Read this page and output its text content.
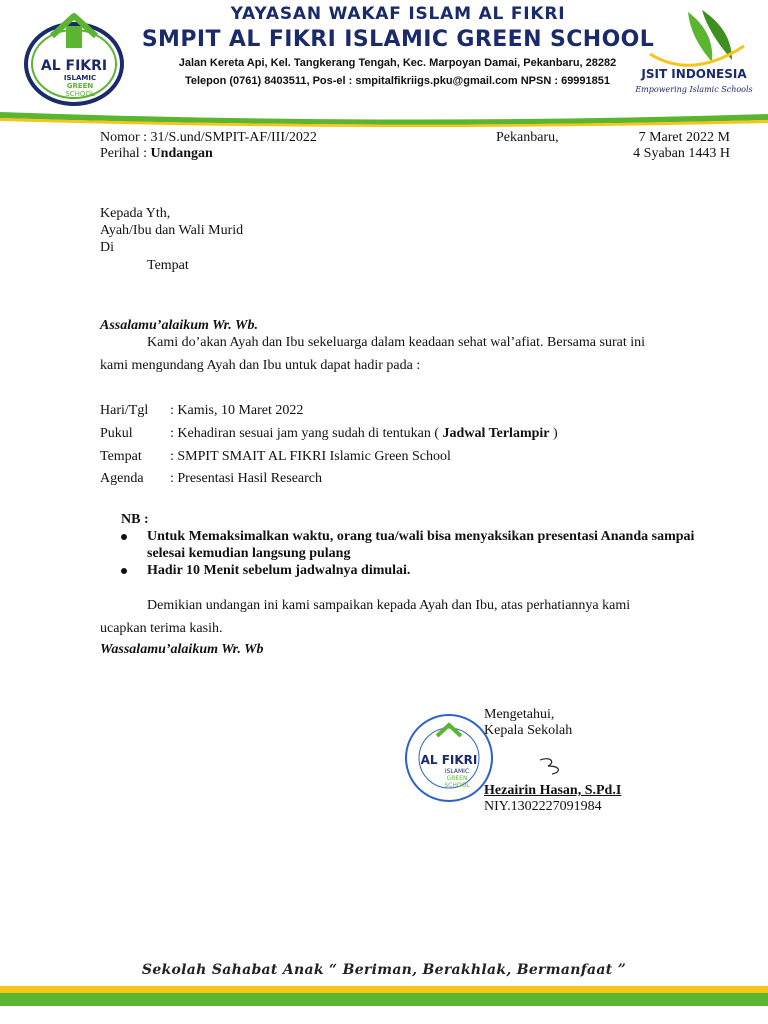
AL FIKRI
ISLAMIC
GREEN
SCHOOL
YAYASAN WAKAF ISLAM AL FIKRI
SMPIT AL FIKRI ISLAMIC GREEN SCHOOL
Jalan Kereta Api, Kel. Tangkerang Tengah, Kec. Marpoyan Damai, Pekanbaru, 28282
Telepon (0761) 8403511, Pos-el : smpitalfikriigs.pku@gmail.com NPSN : 69991851	JSIT INDONESIA
Empowering Islamic Schools
Nomor : 31/S.und/SMPIT-AF/III/2022
Perihal : Undangan
Pekanbaru,	7 Maret 2022 M
4 Syaban 1443 H
Kepada Yth,
Ayah/Ibu dan Wali Murid
Di
Tempat
Assalamu’alaikum Wr. Wb.
Kami do’akan Ayah dan Ibu sekeluarga dalam keadaan sehat wal’afiat. Bersama surat ini
kami mengundang Ayah dan Ibu untuk dapat hadir pada :
Hari/Tgl : Kamis, 10 Maret 2022
Pukul	: Kehadiran sesuai jam yang sudah di tentukan ( Jadwal Terlampir )
Tempat : SMPIT SMAIT AL FIKRI Islamic Green School
Agenda : Presentasi Hasil Research
NB :
Untuk Memaksimalkan waktu, orang tua/wali bisa menyaksikan presentasi Ananda sampai selesai kemudian langsung pulang
Hadir 10 Menit sebelum jadwalnya dimulai.
Demikian undangan ini kami sampaikan kepada Ayah dan Ibu, atas perhatiannya kami
ucapkan terima kasih.
Wassalamu’alaikum Wr. Wb
AL FIKRI
ISLAMIC
GREEN
SCHOOL
Mengetahui,
Kepala Sekolah
Hezairin Hasan, S.Pd.I
NIY.1302227091984
Sekolah Sahabat Anak “ Beriman, Berakhlak, Bermanfaat ”
